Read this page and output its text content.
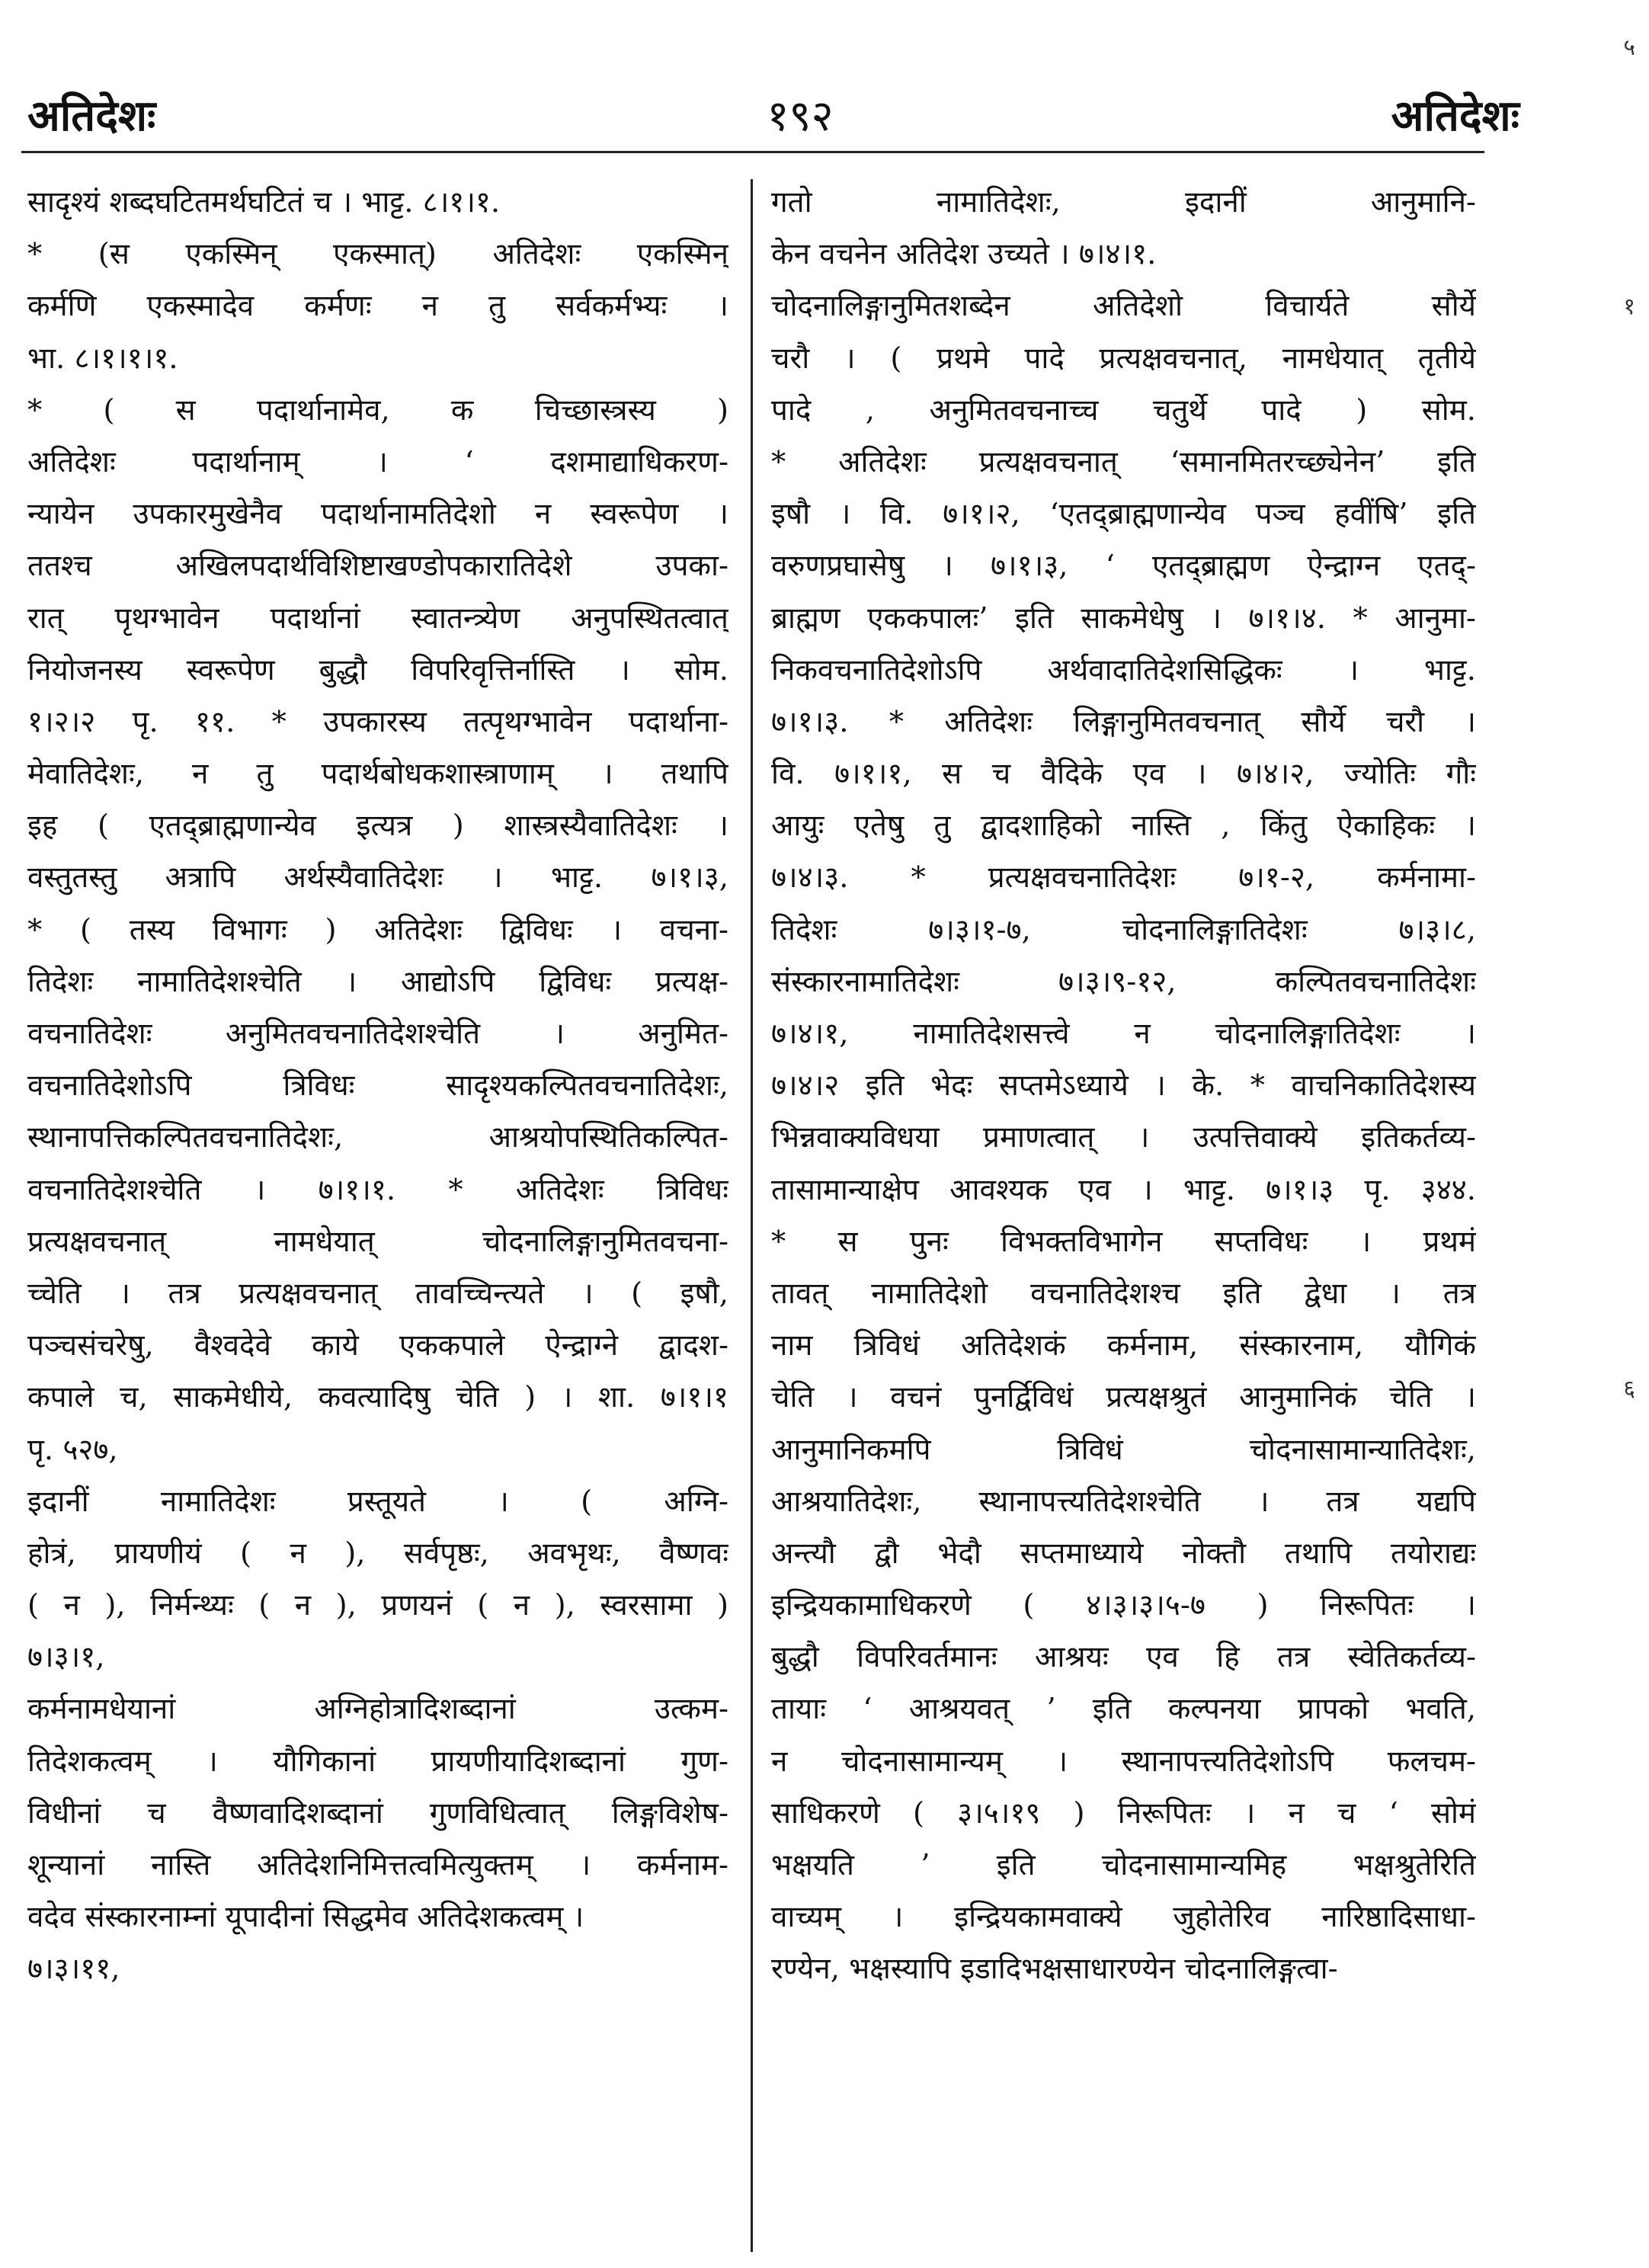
अतिदेशः	१९२	अतिदेशः
सादृश्यं शब्दघटितमर्थघटितं च । भाट्ट. ८।१।१.
* (स एकस्मिन् एकस्मात्) अतिदेशः एकस्मिन्
कर्मणि एकस्मादेव कर्मणः न तु सर्वकर्मभ्यः ।
भा. ८।१।१।१.
* ( स पदार्थानामेव, क चिच्छास्त्रस्य )
अतिदेशः पदार्थानाम् । ‘ दशमाद्याधिकरण-
न्यायेन उपकारमुखेनैव पदार्थानामतिदेशो न स्वरूपेण ।
ततश्च अखिलपदार्थविशिष्टाखण्डोपकारातिदेशे उपका-
रात् पृथग्भावेन पदार्थानां स्वातन्त्र्येण अनुपस्थितत्वात्
नियोजनस्य स्वरूपेण बुद्धौ विपरिवृत्तिर्नास्ति । सोम.
१।२।२ पृ. ११. * उपकारस्य तत्पृथग्भावेन पदार्थाना-
मेवातिदेशः, न तु पदार्थबोधकशास्त्राणाम् । तथापि
इह ( एतद्ब्राह्मणान्येव इत्यत्र ) शास्त्रस्यैवातिदेशः ।
वस्तुतस्तु अत्रापि अर्थस्यैवातिदेशः । भाट्ट. ७।१।३,
* ( तस्य विभागः ) अतिदेशः द्विविधः । वचना-
तिदेशः नामातिदेशश्चेति । आद्योऽपि द्विविधः प्रत्यक्ष-
वचनातिदेशः अनुमितवचनातिदेशश्चेति । अनुमित-
वचनातिदेशोऽपि त्रिविधः सादृश्यकल्पितवचनातिदेशः,
स्थानापत्तिकल्पितवचनातिदेशः, आश्रयोपस्थितिकल्पित-
वचनातिदेशश्चेति । ७।१।१. * अतिदेशः त्रिविधः
प्रत्यक्षवचनात् नामधेयात् चोदनालिङ्गानुमितवचना-
च्चेति । तत्र प्रत्यक्षवचनात् तावच्चिन्त्यते । ( इषौ,
पञ्चसंचरेषु, वैश्वदेवे काये एककपाले ऐन्द्राग्ने द्वादश-
कपाले च, साकमेधीये, कवत्यादिषु चेति ) । शा. ७।१।१
पृ. ५२७,
इदानीं नामातिदेशः प्रस्तूयते । ( अग्नि-
होत्रं, प्रायणीयं ( न ), सर्वपृष्ठः, अवभृथः, वैष्णवः
( न ), निर्मन्थ्यः ( न ), प्रणयनं ( न ), स्वरसामा )
७।३।१,
कर्मनामधेयानां अग्निहोत्रादिशब्दानां उत्कम-
तिदेशकत्वम् । यौगिकानां प्रायणीयादिशब्दानां गुण-
विधीनां च वैष्णवादिशब्दानां गुणविधित्वात् लिङ्गविशेष-
शून्यानां नास्ति अतिदेशनिमित्तत्वमित्युक्तम् । कर्मनाम-
वदेव संस्कारनाम्नां यूपादीनां सिद्धमेव अतिदेशकत्वम् ।
७।३।११,
गतो नामातिदेशः, इदानीं आनुमानि-
केन वचनेन अतिदेश उच्यते । ७।४।१.
चोदनालिङ्गानुमितशब्देन अतिदेशो विचार्यते सौर्ये
चरौ । ( प्रथमे पादे प्रत्यक्षवचनात्, नामधेयात् तृतीये
पादे , अनुमितवचनाच्च चतुर्थे पादे ) सोम.
* अतिदेशः प्रत्यक्षवचनात् ‘समानमितरच्छ्येनेन’ इति
इषौ । वि. ७।१।२, ‘एतद्ब्राह्मणान्येव पञ्च हवींषि’ इति
वरुणप्रघासेषु । ७।१।३, ‘ एतद्ब्राह्मण ऐन्द्राग्न एतद्-
ब्राह्मण एककपालः’ इति साकमेधेषु । ७।१।४. * आनुमा-
निकवचनातिदेशोऽपि अर्थवादातिदेशसिद्धिकः । भाट्ट.
७।१।३. * अतिदेशः लिङ्गानुमितवचनात् सौर्ये चरौ ।
वि. ७।१।१, स च वैदिके एव । ७।४।२, ज्योतिः गौः
आयुः एतेषु तु द्वादशाहिको नास्ति , किंतु ऐकाहिकः ।
७।४।३. * प्रत्यक्षवचनातिदेशः ७।१-२, कर्मनामा-
तिदेशः ७।३।१-७, चोदनालिङ्गातिदेशः ७।३।८,
संस्कारनामातिदेशः ७।३।९-१२, कल्पितवचनातिदेशः
७।४।१, नामातिदेशसत्त्वे न चोदनालिङ्गातिदेशः ।
७।४।२ इति भेदः सप्तमेऽध्याये । के. * वाचनिकातिदेशस्य
भिन्नवाक्यविधया प्रमाणत्वात् । उत्पत्तिवाक्ये इतिकर्तव्य-
तासामान्याक्षेप आवश्यक एव । भाट्ट. ७।१।३ पृ. ३४४.
* स पुनः विभक्तविभागेन सप्तविधः । प्रथमं
तावत् नामातिदेशो वचनातिदेशश्च इति द्वेधा । तत्र
नाम त्रिविधं अतिदेशकं कर्मनाम, संस्कारनाम, यौगिकं
चेति । वचनं पुनर्द्विविधं प्रत्यक्षश्रुतं आनुमानिकं चेति ।
आनुमानिकमपि त्रिविधं चोदनासामान्यातिदेशः,
आश्रयातिदेशः, स्थानापत्त्यतिदेशश्चेति । तत्र यद्यपि
अन्त्यौ द्वौ भेदौ सप्तमाध्याये नोक्तौ तथापि तयोराद्यः
इन्द्रियकामाधिकरणे ( ४।३।३।५-७ ) निरूपितः ।
बुद्धौ विपरिवर्तमानः आश्रयः एव हि तत्र स्वेतिकर्तव्य-
तायाः ‘ आश्रयवत् ’ इति कल्पनया प्रापको भवति,
न चोदनासामान्यम् । स्थानापत्त्यतिदेशोऽपि फलचम-
साधिकरणे ( ३।५।१९ ) निरूपितः । न च ‘ सोमं
भक्षयति ’ इति चोदनासामान्यमिह भक्षश्रुतेरिति
वाच्यम् । इन्द्रियकामवाक्ये जुहोतेरिव नारिष्ठादिसाधा-
रण्येन, भक्षस्यापि इडादिभक्षसाधारण्येन चोदनालिङ्गत्वा-
५
१
६
